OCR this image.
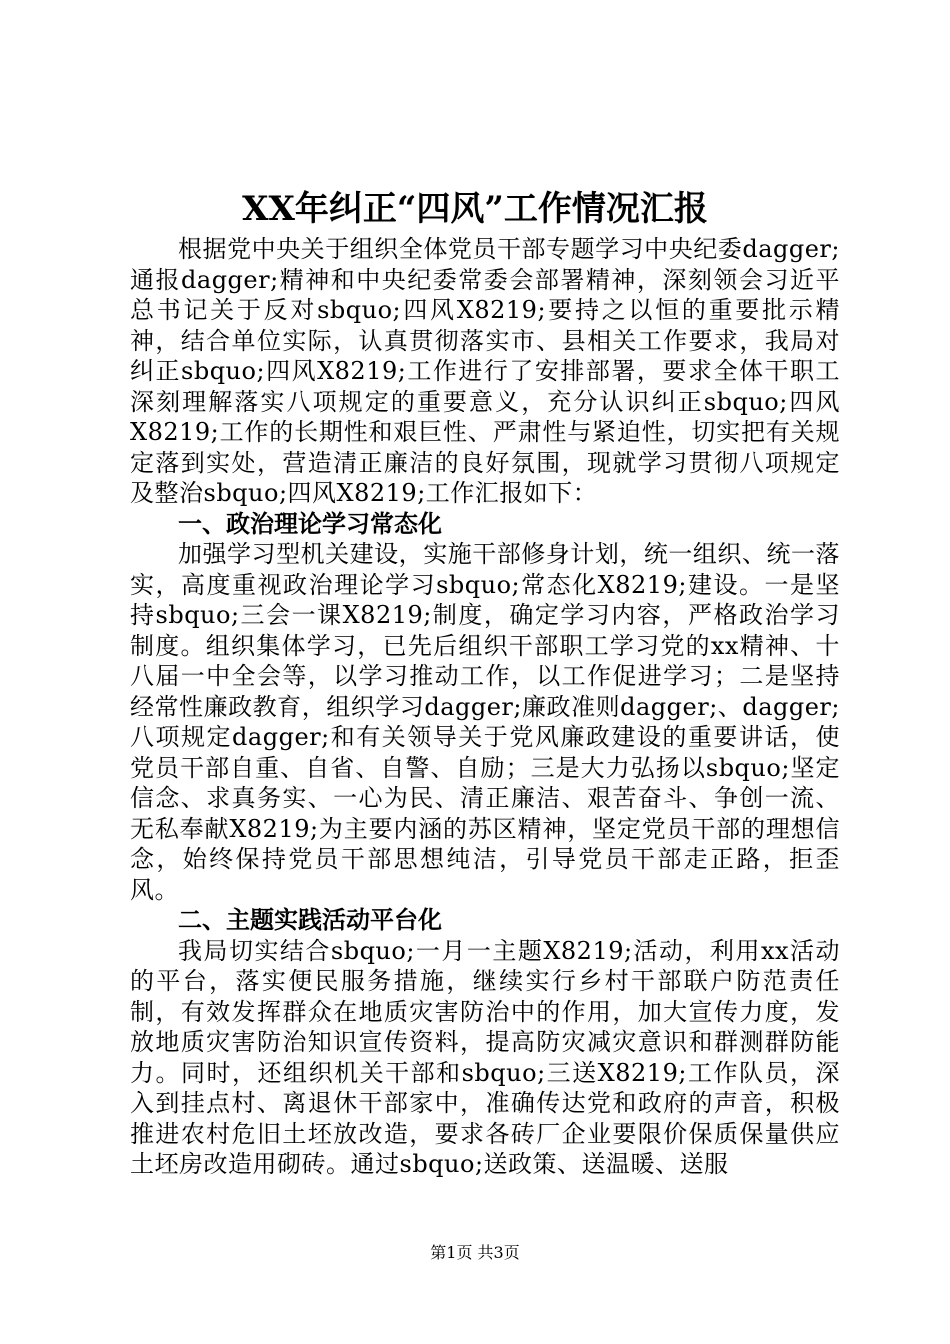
XX年纠正“四风”工作情况汇报

根据党中央关于组织全体党员干部专题学习中央纪委dagger;通报dagger;精神和中央纪委常委会部署精神，深刻领会习近平总书记关于反对sbquo;四风X8219;要持之以恒的重要批示精神，结合单位实际，认真贯彻落实市、县相关工作要求，我局对纠正sbquo;四风X8219;工作进行了安排部署，要求全体干职工深刻理解落实八项规定的重要意义，充分认识纠正sbquo;四风X8219;工作的长期性和艰巨性、严肃性与紧迫性，切实把有关规定落到实处，营造清正廉洁的良好氛围，现就学习贯彻八项规定及整治sbquo;四风X8219;工作汇报如下：

一、政治理论学习常态化

加强学习型机关建设，实施干部修身计划，统一组织、统一落实，高度重视政治理论学习sbquo;常态化X8219;建设。一是坚持sbquo;三会一课X8219;制度，确定学习内容，严格政治学习制度。组织集体学习，已先后组织干部职工学习党的xx精神、十八届一中全会等，以学习推动工作，以工作促进学习；二是坚持经常性廉政教育，组织学习dagger;廉政准则dagger;、dagger;八项规定dagger;和有关领导关于党风廉政建设的重要讲话，使党员干部自重、自省、自警、自励；三是大力弘扬以sbquo;坚定信念、求真务实、一心为民、清正廉洁、艰苦奋斗、争创一流、无私奉献X8219;为主要内涵的苏区精神，坚定党员干部的理想信念，始终保持党员干部思想纯洁，引导党员干部走正路，拒歪风。

二、主题实践活动平台化

我局切实结合sbquo;一月一主题X8219;活动，利用xx活动的平台，落实便民服务措施，继续实行乡村干部联户防范责任制，有效发挥群众在地质灾害防治中的作用，加大宣传力度，发放地质灾害防治知识宣传资料，提高防灾减灾意识和群测群防能力。同时，还组织机关干部和sbquo;三送X8219;工作队员，深入到挂点村、离退休干部家中，准确传达党和政府的声音，积极推进农村危旧土坯放改造，要求各砖厂企业要限价保质保量供应土坯房改造用砌砖。通过sbquo;送政策、送温暖、送服

第1页 共3页
